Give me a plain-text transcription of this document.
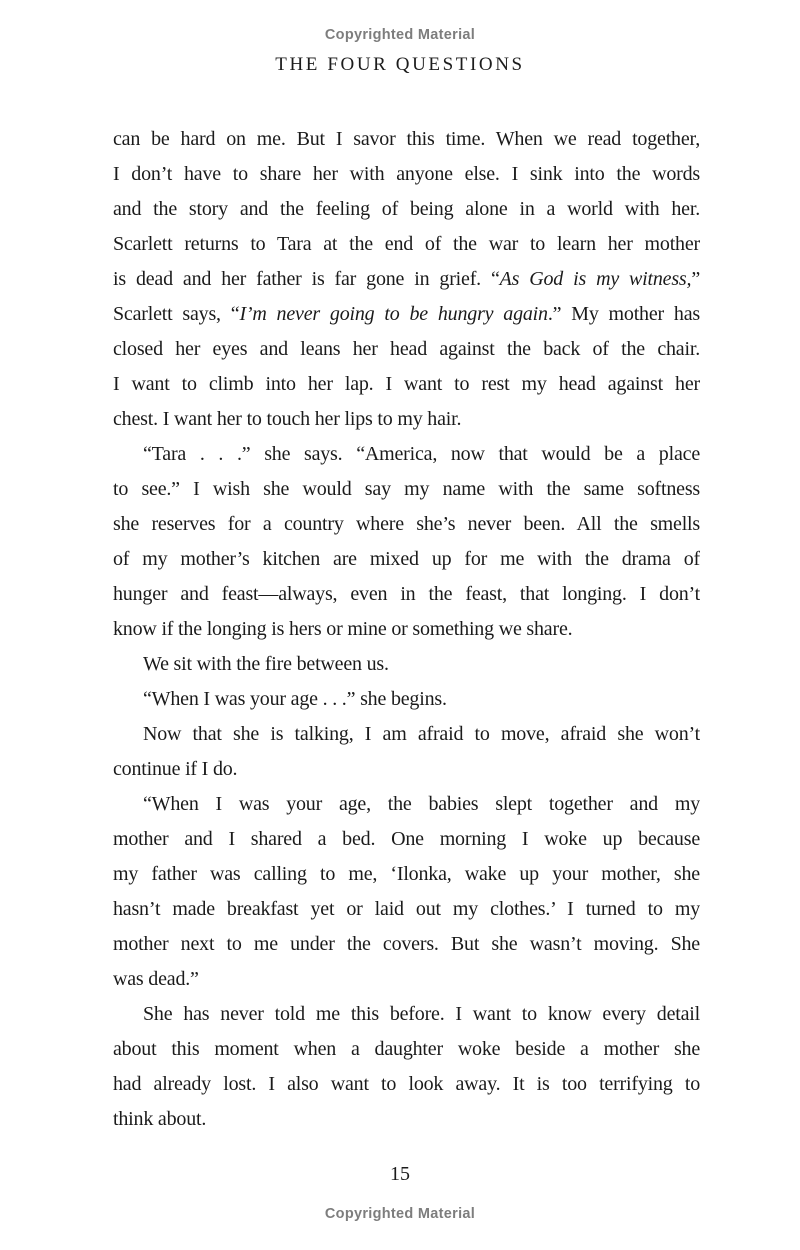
Copyrighted Material
THE FOUR QUESTIONS
can be hard on me. But I savor this time. When we read together,
I don’t have to share her with anyone else. I sink into the words
and the story and the feeling of being alone in a world with her.
Scarlett returns to Tara at the end of the war to learn her mother
is dead and her father is far gone in grief. “As God is my witness,”
Scarlett says, “I’m never going to be hungry again.” My mother has
closed her eyes and leans her head against the back of the chair.
I want to climb into her lap. I want to rest my head against her
chest. I want her to touch her lips to my hair.
“Tara . . .” she says. “America, now that would be a place
to see.” I wish she would say my name with the same softness
she reserves for a country where she’s never been. All the smells
of my mother’s kitchen are mixed up for me with the drama of
hunger and feast—always, even in the feast, that longing. I don’t
know if the longing is hers or mine or something we share.
We sit with the fire between us.
“When I was your age . . .” she begins.
Now that she is talking, I am afraid to move, afraid she won’t
continue if I do.
“When I was your age, the babies slept together and my
mother and I shared a bed. One morning I woke up because
my father was calling to me, ‘Ilonka, wake up your mother, she
hasn’t made breakfast yet or laid out my clothes.’ I turned to my
mother next to me under the covers. But she wasn’t moving. She
was dead.”
She has never told me this before. I want to know every detail
about this moment when a daughter woke beside a mother she
had already lost. I also want to look away. It is too terrifying to
think about.
15
Copyrighted Material
